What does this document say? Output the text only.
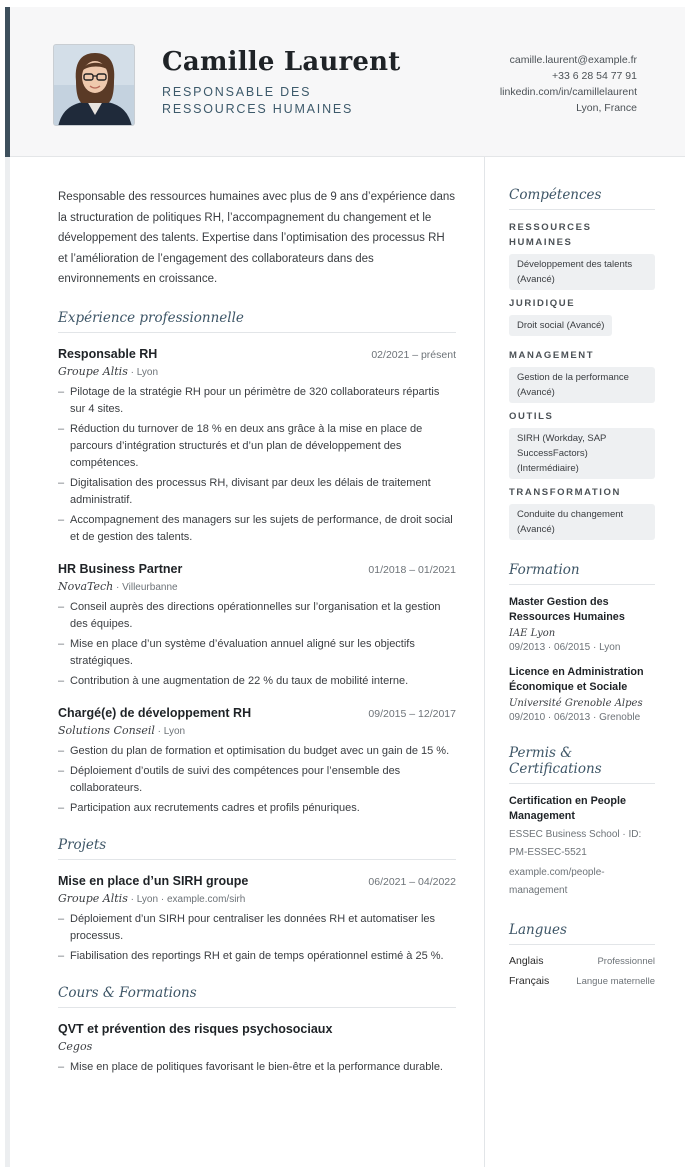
Camille Laurent
RESPONSABLE DES RESSOURCES HUMAINES
camille.laurent@example.fr
+33 6 28 54 77 91
linkedin.com/in/camillelaurent
Lyon, France

Responsable des ressources humaines avec plus de 9 ans d’expérience dans la structuration de politiques RH, l’accompagnement du changement et le développement des talents. Expertise dans l’optimisation des processus RH et l’amélioration de l’engagement des collaborateurs dans des environnements en croissance.

Expérience professionnelle
Responsable RH	02/2021 – présent
Groupe Altis · Lyon
– Pilotage de la stratégie RH pour un périmètre de 320 collaborateurs répartis sur 4 sites.
– Réduction du turnover de 18 % en deux ans grâce à la mise en place de parcours d’intégration structurés et d’un plan de développement des compétences.
– Digitalisation des processus RH, divisant par deux les délais de traitement administratif.
– Accompagnement des managers sur les sujets de performance, de droit social et de gestion des talents.
HR Business Partner	01/2018 – 01/2021
NovaTech · Villeurbanne
– Conseil auprès des directions opérationnelles sur l’organisation et la gestion des équipes.
– Mise en place d’un système d’évaluation annuel aligné sur les objectifs stratégiques.
– Contribution à une augmentation de 22 % du taux de mobilité interne.
Chargé(e) de développement RH	09/2015 – 12/2017
Solutions Conseil · Lyon
– Gestion du plan de formation et optimisation du budget avec un gain de 15 %.
– Déploiement d’outils de suivi des compétences pour l’ensemble des collaborateurs.
– Participation aux recrutements cadres et profils pénuriques.
Projets
Mise en place d’un SIRH groupe	06/2021 – 04/2022
Groupe Altis · Lyon · example.com/sirh
– Déploiement d’un SIRH pour centraliser les données RH et automatiser les processus.
– Fiabilisation des reportings RH et gain de temps opérationnel estimé à 25 %.
Cours & Formations
QVT et prévention des risques psychosociaux
Cegos
– Mise en place de politiques favorisant le bien-être et la performance durable.
Compétences
RESSOURCES HUMAINES
Développement des talents (Avancé)
JURIDIQUE
Droit social (Avancé)
MANAGEMENT
Gestion de la performance (Avancé)
OUTILS
SIRH (Workday, SAP SuccessFactors) (Intermédiaire)
TRANSFORMATION
Conduite du changement (Avancé)
Formation
Master Gestion des Ressources Humaines
IAE Lyon
09/2013 · 06/2015 · Lyon
Licence en Administration Économique et Sociale
Université Grenoble Alpes
09/2010 · 06/2013 · Grenoble
Permis & Certifications
Certification en People Management
ESSEC Business School · ID: PM-ESSEC-5521
example.com/people-management
Langues
Anglais	Professionnel
Français	Langue maternelle
